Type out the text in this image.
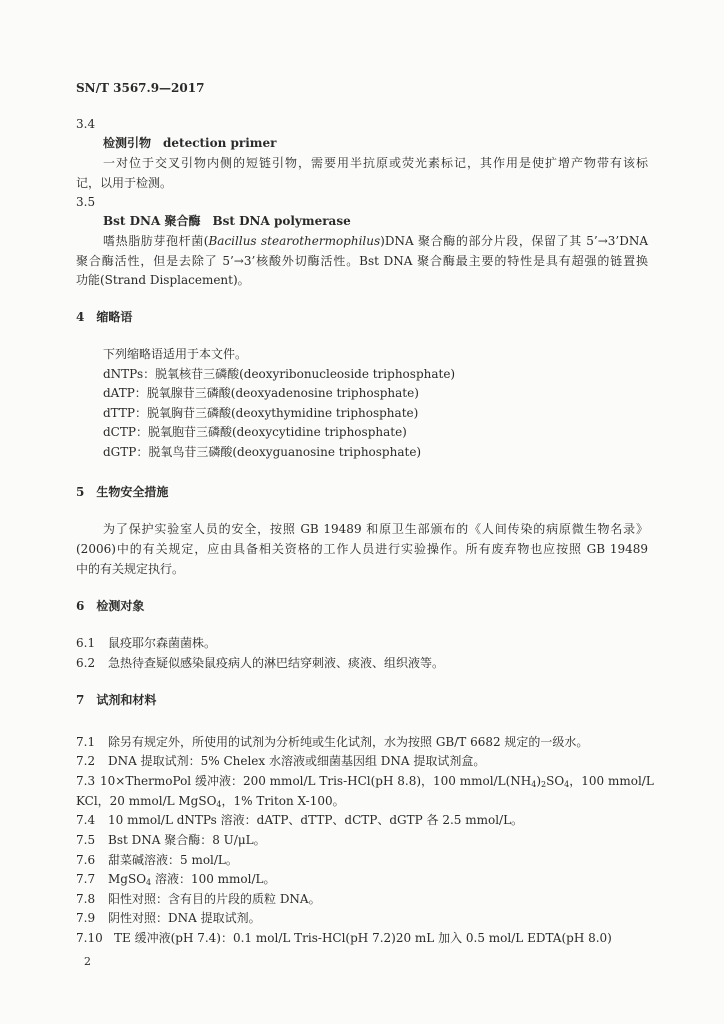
SN/T 3567.9—2017
3.4
检测引物　detection primer
一对位于交叉引物内侧的短链引物，需要用半抗原或荧光素标记，其作用是使扩增产物带有该标
记，以用于检测。
3.5
Bst DNA 聚合酶　Bst DNA polymerase
嗜热脂肪芽孢杆菌(Bacillus stearothermophilus)DNA 聚合酶的部分片段，保留了其 5’→3’DNA
聚合酶活性，但是去除了 5’→3’核酸外切酶活性。Bst DNA 聚合酶最主要的特性是具有超强的链置换
功能(Strand Displacement)。
4　缩略语
下列缩略语适用于本文件。
dNTPs：脱氧核苷三磷酸(deoxyribonucleoside triphosphate)
dATP：脱氧腺苷三磷酸(deoxyadenosine triphosphate)
dTTP：脱氧胸苷三磷酸(deoxythymidine triphosphate)
dCTP：脱氧胞苷三磷酸(deoxycytidine triphosphate)
dGTP：脱氧鸟苷三磷酸(deoxyguanosine triphosphate)
5　生物安全措施
为了保护实验室人员的安全，按照 GB 19489 和原卫生部颁布的《人间传染的病原微生物名录》
(2006)中的有关规定，应由具备相关资格的工作人员进行实验操作。所有废弃物也应按照 GB 19489
中的有关规定执行。
6　检测对象
6.1 鼠疫耶尔森菌菌株。
6.2 急热待查疑似感染鼠疫病人的淋巴结穿刺液、痰液、组织液等。
7　试剂和材料
7.1 除另有规定外，所使用的试剂为分析纯或生化试剂，水为按照 GB/T 6682 规定的一级水。
7.2 DNA 提取试剂：5% Chelex 水溶液或细菌基因组 DNA 提取试剂盒。
7.3 10×ThermoPol 缓冲液：200 mmol/L Tris-HCl(pH 8.8)，100 mmol/$L(NH_4)_2SO_4$，100 mmol/L
KCl，20 mmol/L MgSO$_4$，1% Triton X-100。
7.4 10 mmol/L dNTPs 溶液：dATP、dTTP、dCTP、dGTP 各 2.5 mmol/L。
7.5 Bst DNA 聚合酶：8 U/μL。
7.6 甜菜碱溶液：5 mol/L。
7.7 MgSO$_4$ 溶液：100 mmol/L。
7.8 阳性对照：含有目的片段的质粒 DNA。
7.9 阴性对照：DNA 提取试剂。
7.10 TE 缓冲液(pH 7.4)：0.1 mol/L Tris-HCl(pH 7.2)20 mL 加入 0.5 mol/L EDTA(pH 8.0)
2
